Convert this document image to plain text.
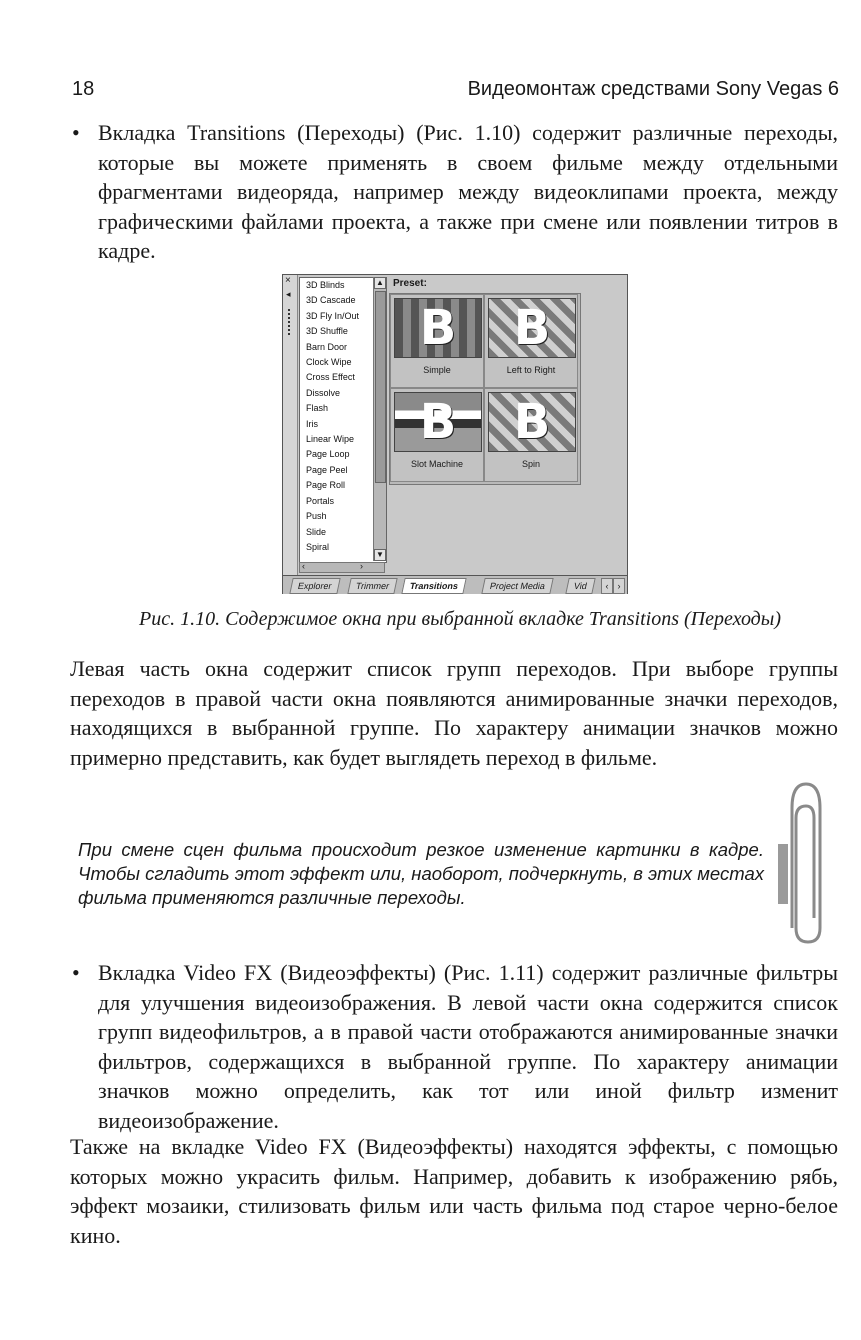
18	Видеомонтаж средствами Sony Vegas 6
• Вкладка Transitions (Переходы) (Рис. 1.10) содержит различные переходы, которые вы можете применять в своем фильме между отдельными фрагментами видеоряда, например между видеоклипами проекта, между графическими файлами проекта, а также при смене или появлении титров в кадре.
×
◂
3D Blinds
3D Cascade
3D Fly In/Out
3D Shuffle
Barn Door
Clock Wipe
Cross Effect
Dissolve
Flash
Iris
Linear Wipe
Page Loop
Page Peel
Page Roll
Portals
Push
Slide
Spiral
▲
▼
‹	›
Preset:
B
Simple
B
Left to Right
B
Slot Machine
B
Spin
Explorer	Trimmer	Transitions	Project Media	Vid	‹	›
Рис. 1.10. Содержимое окна при выбранной вкладке Transitions (Переходы)

Левая часть окна содержит список групп переходов. При выборе группы переходов в правой части окна появляются анимированные значки переходов, находящихся в выбранной группе. По характеру анимации значков можно примерно представить, как будет выглядеть переход в фильме.

При смене сцен фильма происходит резкое изменение картинки в кадре. Чтобы сгладить этот эффект или, наоборот, подчеркнуть, в этих местах фильма применяются различные переходы.

• Вкладка Video FX (Видеоэффекты) (Рис. 1.11) содержит различные фильтры для улучшения видеоизображения. В левой части окна содержится список групп видеофильтров, а в правой части отображаются анимированные значки фильтров, содержащихся в выбранной группе. По характеру анимации значков можно определить, как тот или иной фильтр изменит видеоизображение.

Также на вкладке Video FX (Видеоэффекты) находятся эффекты, с помощью которых можно украсить фильм. Например, добавить к изображению рябь, эффект мозаики, стилизовать фильм или часть фильма под старое черно-белое кино.
